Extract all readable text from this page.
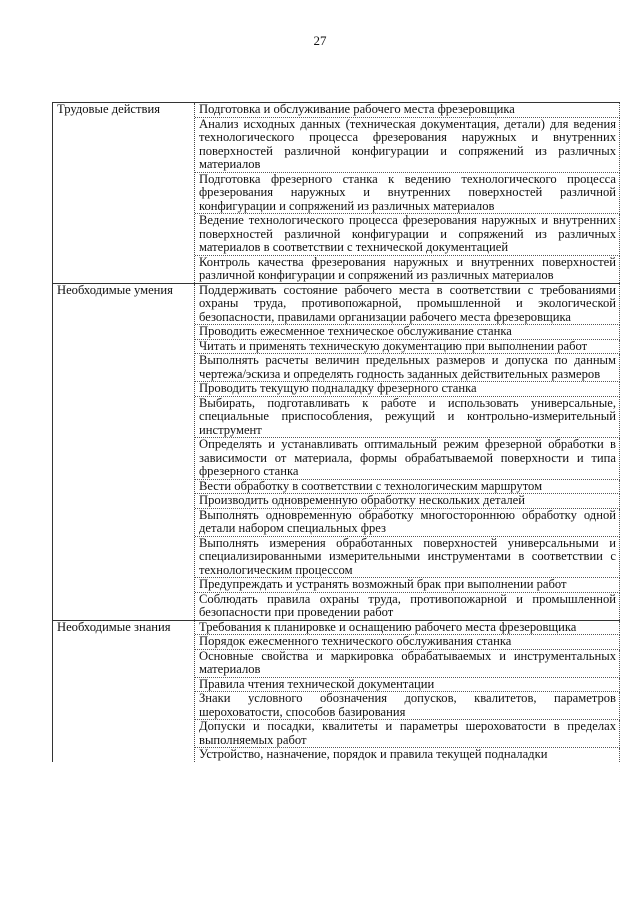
27
Трудовые действия	Подготовка и обслуживание рабочего места фрезеровщика
Анализ исходных данных (техническая документация, детали) для ведения технологического процесса фрезерования наружных и внутренних поверхностей различной конфигурации и сопряжений из различных материалов
Подготовка фрезерного станка к ведению технологического процесса фрезерования наружных и внутренних поверхностей различной конфигурации и сопряжений из различных материалов
Ведение технологического процесса фрезерования наружных и внутренних поверхностей различной конфигурации и сопряжений из различных материалов в соответствии с технической документацией
Контроль качества фрезерования наружных и внутренних поверхностей различной конфигурации и сопряжений из различных материалов
Необходимые умения	Поддерживать состояние рабочего места в соответствии с требованиями охраны труда, противопожарной, промышленной и экологической безопасности, правилами организации рабочего места фрезеровщика
Проводить ежесменное техническое обслуживание станка
Читать и применять техническую документацию при выполнении работ
Выполнять расчеты величин предельных размеров и допуска по данным чертежа/эскиза и определять годность заданных действительных размеров
Проводить текущую подналадку фрезерного станка
Выбирать, подготавливать к работе и использовать универсальные, специальные приспособления, режущий и контрольно-измерительный инструмент
Определять и устанавливать оптимальный режим фрезерной обработки в зависимости от материала, формы обрабатываемой поверхности и типа фрезерного станка
Вести обработку в соответствии с технологическим маршрутом
Производить одновременную обработку нескольких деталей
Выполнять одновременную обработку многостороннюю обработку одной детали набором специальных фрез
Выполнять измерения обработанных поверхностей универсальными и специализированными измерительными инструментами в соответствии с технологическим процессом
Предупреждать и устранять возможный брак при выполнении работ
Соблюдать правила охраны труда, противопожарной и промышленной безопасности при проведении работ
Необходимые знания	Требования к планировке и оснащению рабочего места фрезеровщика
Порядок ежесменного технического обслуживания станка
Основные свойства и маркировка обрабатываемых и инструментальных материалов
Правила чтения технической документации
Знаки условного обозначения допусков, квалитетов, параметров шероховатости, способов базирования
Допуски и посадки, квалитеты и параметры шероховатости в пределах выполняемых работ
Устройство, назначение, порядок и правила текущей подналадки
